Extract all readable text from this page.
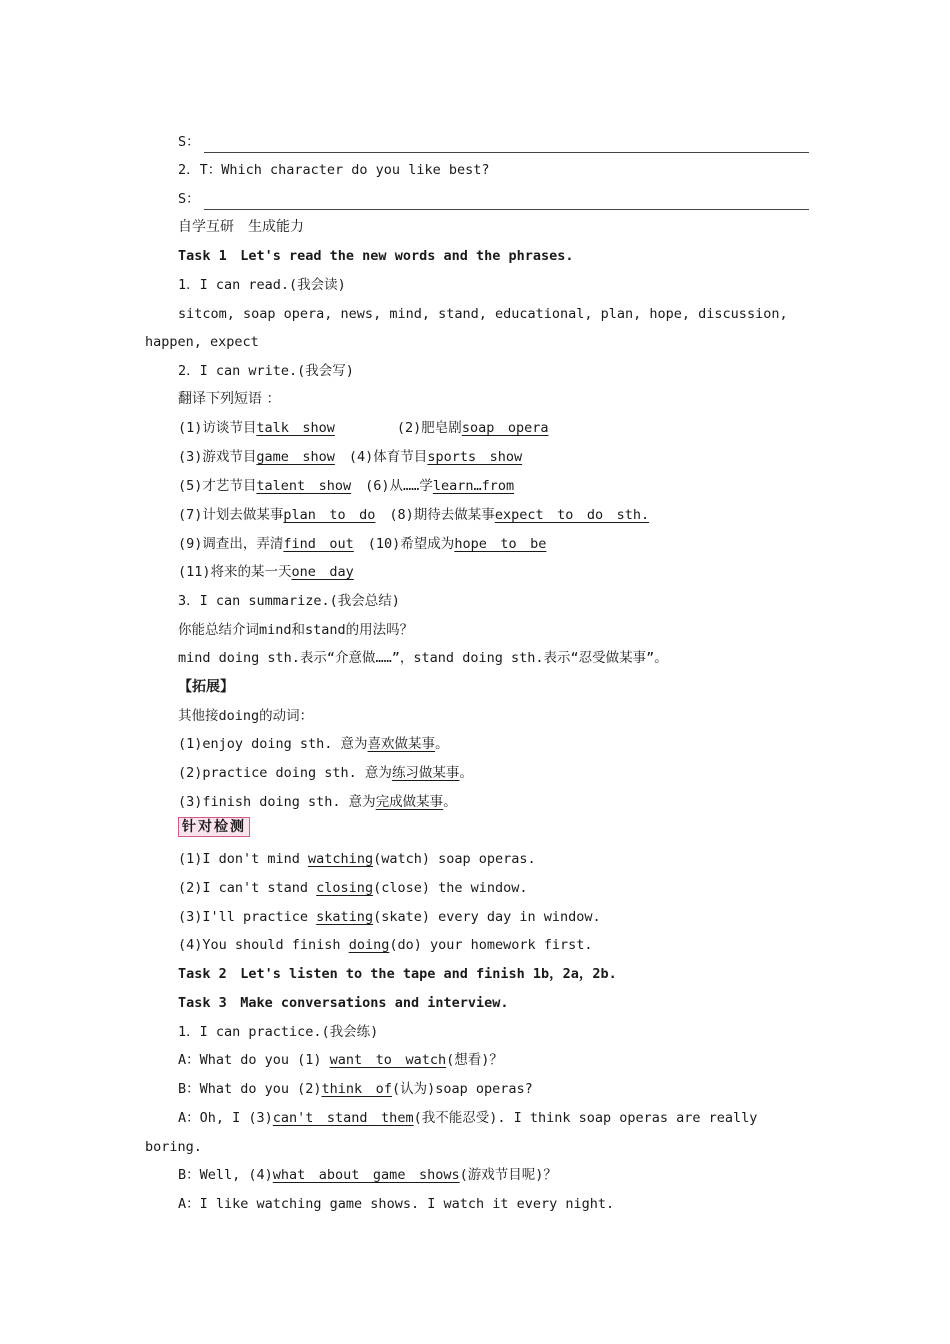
S：
2．T：Which character do you like best?
S：
自学互研　生成能力
Task 1　Let's read the new words and the phrases.
1．I can read.(我会读)
sitcom, soap opera, news, mind, stand, educational, plan, hope, discussion,
happen, expect
2．I can write.(我会写)
翻译下列短语 ：
(1)访谈节目talk　show	(2)肥皂剧soap　opera
(3)游戏节目game　show (4)体育节目sports　show
(5)才艺节目talent　show (6)从……学learn…from
(7)计划去做某事plan　to　do (8)期待去做某事expect　to　do　sth.
(9)调查出，弄清find　out (10)希望成为hope　to　be
(11)将来的某一天one　day
3．I can summarize.(我会总结)
你能总结介词mind和stand的用法吗？
mind doing sth.表示“介意做……”，stand doing sth.表示“忍受做某事”。
【拓展】
其他接doing的动词：
(1)enjoy doing sth. 意为喜欢做某事。
(2)practice doing sth. 意为练习做某事。
(3)finish doing sth. 意为完成做某事。
针对检测
(1)I don't mind watching(watch) soap operas.
(2)I can't stand closing(close) the window.
(3)I'll practice skating(skate) every day in window.
(4)You should finish doing(do) your homework first.
Task 2　Let's listen to the tape and finish 1b，2a，2b.
Task 3　Make conversations and interview.
1．I can practice.(我会练)
A：What do you (1) want　to　watch(想看)？
B：What do you (2)think　of(认为)soap operas?
A：Oh, I (3)can't　stand　them(我不能忍受). I think soap operas are really
boring.
B：Well, (4)what　about　game　shows(游戏节目呢)？
A：I like watching game shows. I watch it every night.
